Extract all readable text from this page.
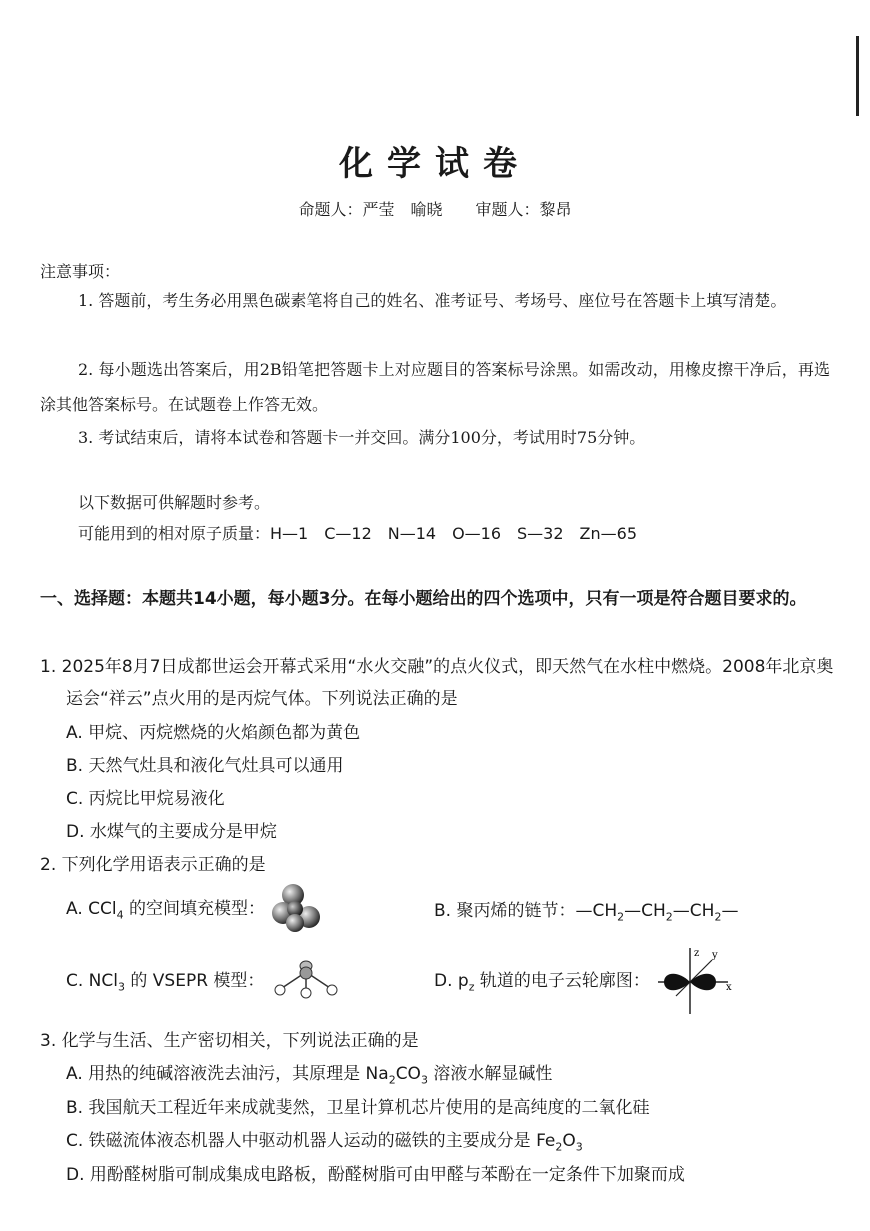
化学试卷
命题人：严莹　喻晓 审题人：黎昂
注意事项：
1. 答题前，考生务必用黑色碳素笔将自己的姓名、准考证号、考场号、座位号在答题卡上填写清楚。
2. 每小题选出答案后，用2B铅笔把答题卡上对应题目的答案标号涂黑。如需改动，用橡皮擦干净后，再选涂其他答案标号。在试题卷上作答无效。
3. 考试结束后，请将本试卷和答题卡一并交回。满分100分，考试用时75分钟。
以下数据可供解题时参考。
可能用到的相对原子质量：H—1　C—12　N—14　O—16　S—32　Zn—65
一、选择题：本题共14小题，每小题3分。在每小题给出的四个选项中，只有一项是符合题目要求的。
1. 2025年8月7日成都世运会开幕式采用“水火交融”的点火仪式，即天然气在水柱中燃烧。2008年北京奥运会“祥云”点火用的是丙烷气体。下列说法正确的是
A. 甲烷、丙烷燃烧的火焰颜色都为黄色
B. 天然气灶具和液化气灶具可以通用
C. 丙烷比甲烷易液化
D. 水煤气的主要成分是甲烷
2. 下列化学用语表示正确的是
A. CCl$_4$ 的空间填充模型：	B. 聚丙烯的链节：$—CH_2—CH_2—CH_2—$
C. NCl$_3$ 的 VSEPR 模型：	D. $p_z$ 轨道的电子云轮廓图：
z y
x
3. 化学与生活、生产密切相关，下列说法正确的是
A. 用热的纯碱溶液洗去油污，其原理是 $Na_2CO_3$ 溶液水解显碱性
B. 我国航天工程近年来成就斐然，卫星计算机芯片使用的是高纯度的二氧化硅
C. 铁磁流体液态机器人中驱动机器人运动的磁铁的主要成分是 $Fe_2O_3$
D. 用酚醛树脂可制成集成电路板，酚醛树脂可由甲醛与苯酚在一定条件下加聚而成
